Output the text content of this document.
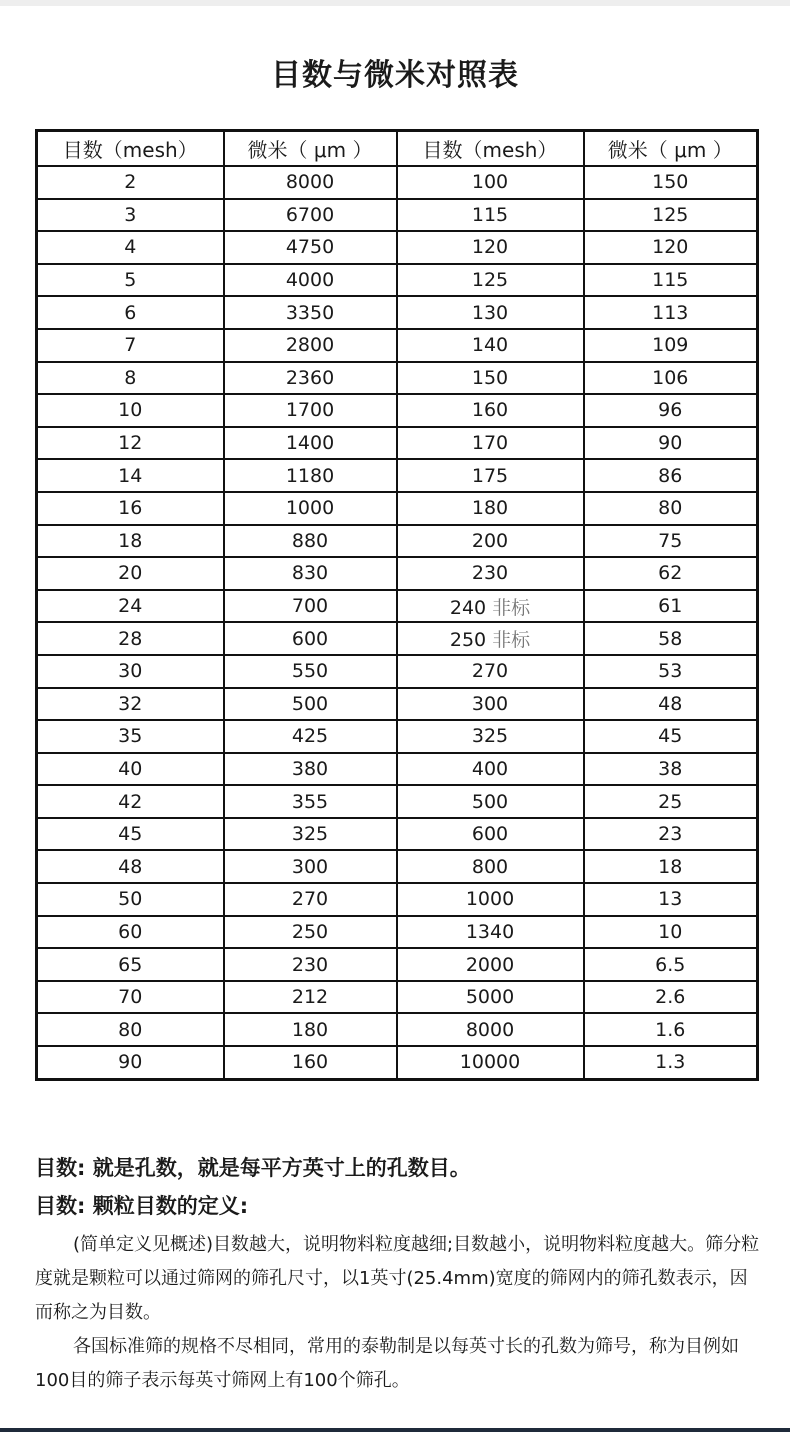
目数与微米对照表
目数（mesh）	微米（ μm ）	目数（mesh）	微米（ μm ）
2	8000	100	150
3	6700	115	125
4	4750	120	120
5	4000	125	115
6	3350	130	113
7	2800	140	109
8	2360	150	106
10	1700	160	96
12	1400	170	90
14	1180	175	86
16	1000	180	80
18	880	200	75
20	830	230	62
24	700	240 非标	61
28	600	250 非标	58
30	550	270	53
32	500	300	48
35	425	325	45
40	380	400	38
42	355	500	25
45	325	600	23
48	300	800	18
50	270	1000	13
60	250	1340	10
65	230	2000	6.5
70	212	5000	2.6
80	180	8000	1.6
90	160	10000	1.3
目数: 就是孔数，就是每平方英寸上的孔数目。
目数: 颗粒目数的定义:
(简单定义见概述)目数越大，说明物料粒度越细;目数越小，说明物料粒度越大。筛分粒度就是颗粒可以通过筛网的筛孔尺寸，以1英寸(25.4mm)宽度的筛网内的筛孔数表示，因而称之为目数。
各国标准筛的规格不尽相同，常用的泰勒制是以每英寸长的孔数为筛号，称为目例如100目的筛子表示每英寸筛网上有100个筛孔。
